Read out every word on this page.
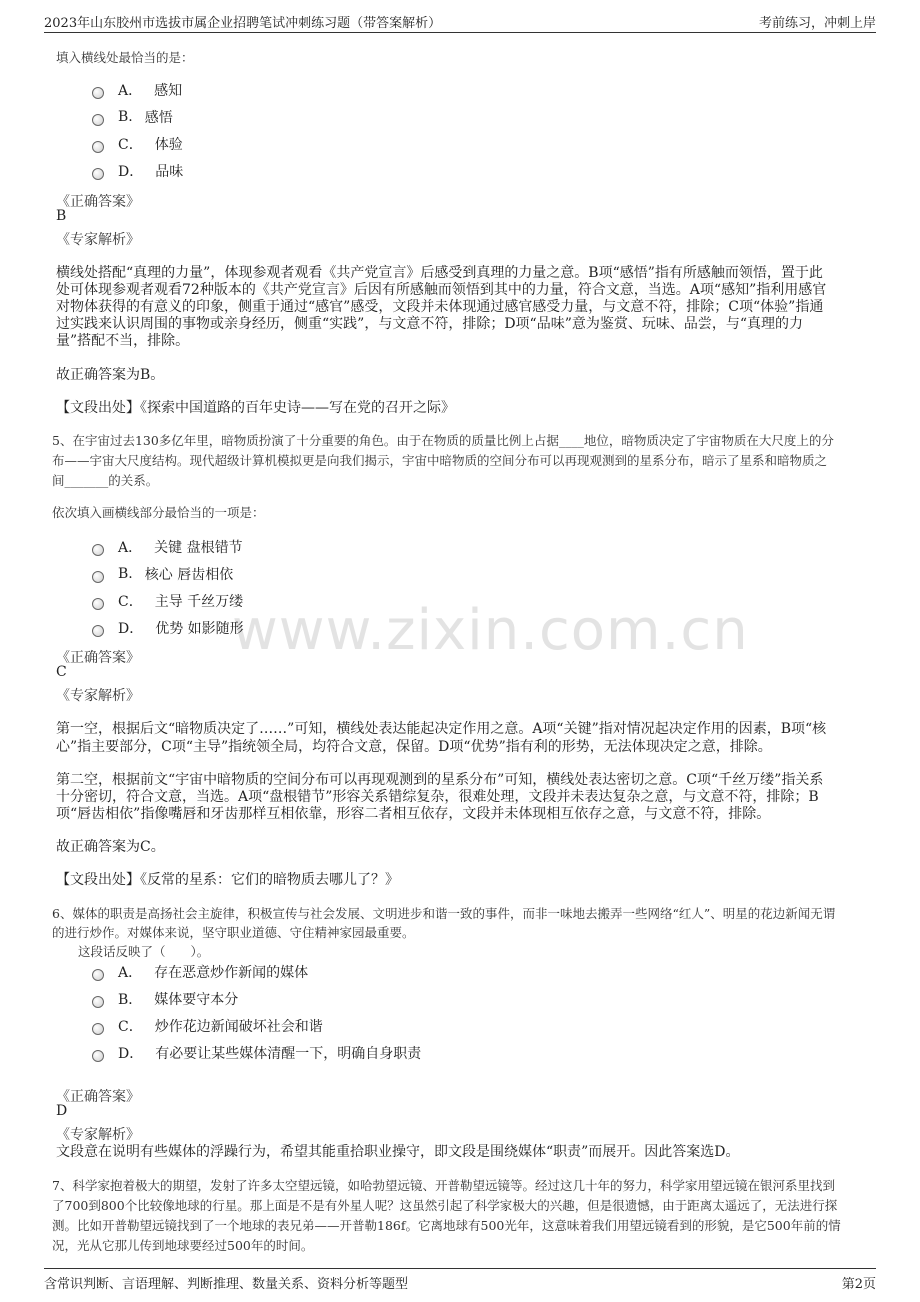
2023年山东胶州市选拔市属企业招聘笔试冲刺练习题（带答案解析）	考前练习，冲刺上岸
www.zixin.com.cn
填入横线处最恰当的是：
A． 感知
B. 感悟
C． 体验
D． 品味
《正确答案》
B
《专家解析》
横线处搭配“真理的力量”，体现参观者观看《共产党宣言》后感受到真理的力量之意。B项“感悟”指有所感触而领悟，置于此
处可体现参观者观看72种版本的《共产党宣言》后因有所感触而领悟到其中的力量，符合文意，当选。A项“感知”指利用感官
对物体获得的有意义的印象，侧重于通过“感官”感受，文段并未体现通过感官感受力量，与文意不符，排除；C项“体验”指通
过实践来认识周围的事物或亲身经历，侧重“实践”，与文意不符，排除；D项“品味”意为鉴赏、玩味、品尝，与“真理的力
量”搭配不当，排除。
故正确答案为B。
【文段出处】《探索中国道路的百年史诗——写在党的召开之际》
5、在宇宙过去130多亿年里，暗物质扮演了十分重要的角色。由于在物质的质量比例上占据____地位，暗物质决定了宇宙物质在大尺度上的分
布——宇宙大尺度结构。现代超级计算机模拟更是向我们揭示，宇宙中暗物质的空间分布可以再现观测到的星系分布，暗示了星系和暗物质之
间_______的关系。
依次填入画横线部分最恰当的一项是：
A． 关键 盘根错节
B. 核心 唇齿相依
C． 主导 千丝万缕
D． 优势 如影随形
《正确答案》
C
《专家解析》
第一空，根据后文“暗物质决定了……”可知，横线处表达能起决定作用之意。A项“关键”指对情况起决定作用的因素，B项“核
心”指主要部分，C项“主导”指统领全局，均符合文意，保留。D项“优势”指有利的形势，无法体现决定之意，排除。
第二空，根据前文“宇宙中暗物质的空间分布可以再现观测到的星系分布”可知，横线处表达密切之意。C项“千丝万缕”指关系
十分密切，符合文意，当选。A项“盘根错节”形容关系错综复杂，很难处理，文段并未表达复杂之意，与文意不符，排除；B
项“唇齿相依”指像嘴唇和牙齿那样互相依靠，形容二者相互依存，文段并未体现相互依存之意，与文意不符，排除。
故正确答案为C。
【文段出处】《反常的星系：它们的暗物质去哪儿了？》
6、媒体的职责是高扬社会主旋律，积极宣传与社会发展、文明进步和谐一致的事件，而非一味地去搬弄一些网络“红人”、明星的花边新闻无谓
的进行炒作。对媒体来说，坚守职业道德、守住精神家园最重要。
这段话反映了（　　）。
A． 存在恶意炒作新闻的媒体
B． 媒体要守本分
C． 炒作花边新闻破坏社会和谐
D． 有必要让某些媒体清醒一下，明确自身职责
《正确答案》
D
《专家解析》
文段意在说明有些媒体的浮躁行为，希望其能重拾职业操守，即文段是围绕媒体“职责”而展开。因此答案选D。
7、科学家抱着极大的期望，发射了许多太空望远镜，如哈勃望远镜、开普勒望远镜等。经过这几十年的努力，科学家用望远镜在银河系里找到
了700到800个比较像地球的行星。那上面是不是有外星人呢？这虽然引起了科学家极大的兴趣，但是很遗憾，由于距离太遥远了，无法进行探
测。比如开普勒望远镜找到了一个地球的表兄弟——开普勒186f。它离地球有500光年，这意味着我们用望远镜看到的形貌，是它500年前的情
况，光从它那儿传到地球要经过500年的时间。
含常识判断、言语理解、判断推理、数量关系、资料分析等题型	第2页
